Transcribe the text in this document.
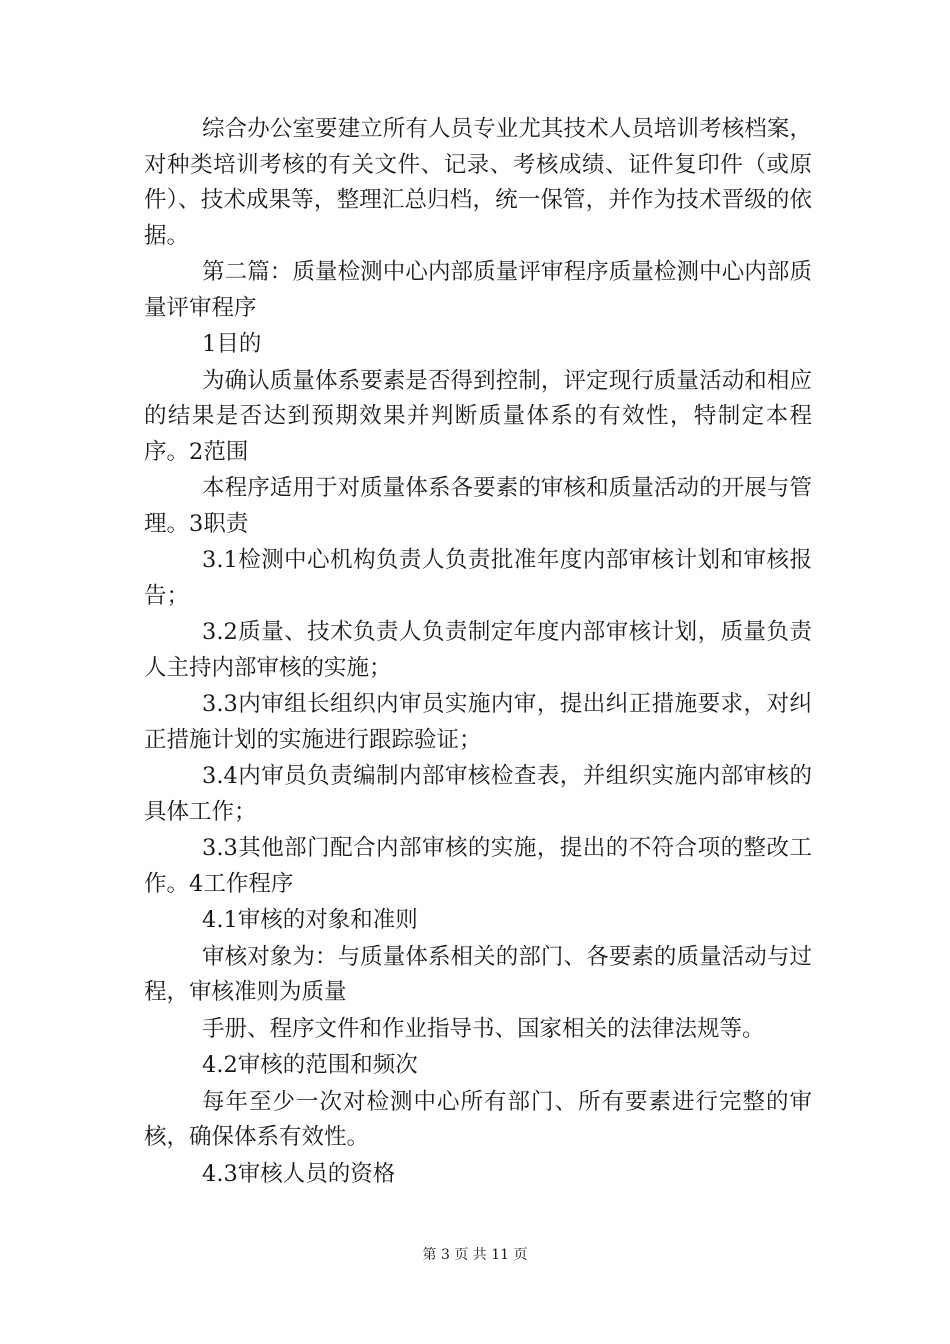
综合办公室要建立所有人员专业尤其技术人员培训考核档案，对种类培训考核的有关文件、记录、考核成绩、证件复印件（或原件）、技术成果等，整理汇总归档，统一保管，并作为技术晋级的依据。

第二篇：质量检测中心内部质量评审程序质量检测中心内部质量评审程序

1目的

为确认质量体系要素是否得到控制，评定现行质量活动和相应的结果是否达到预期效果并判断质量体系的有效性，特制定本程序。2范围

本程序适用于对质量体系各要素的审核和质量活动的开展与管理。3职责

3.1检测中心机构负责人负责批准年度内部审核计划和审核报告；

3.2质量、技术负责人负责制定年度内部审核计划，质量负责人主持内部审核的实施；

3.3内审组长组织内审员实施内审，提出纠正措施要求，对纠正措施计划的实施进行跟踪验证；

3.4内审员负责编制内部审核检查表，并组织实施内部审核的具体工作；

3.3其他部门配合内部审核的实施，提出的不符合项的整改工作。4工作程序

4.1审核的对象和准则

审核对象为：与质量体系相关的部门、各要素的质量活动与过程，审核准则为质量

手册、程序文件和作业指导书、国家相关的法律法规等。

4.2审核的范围和频次

每年至少一次对检测中心所有部门、所有要素进行完整的审核，确保体系有效性。

4.3审核人员的资格

第 3 页 共 11 页
